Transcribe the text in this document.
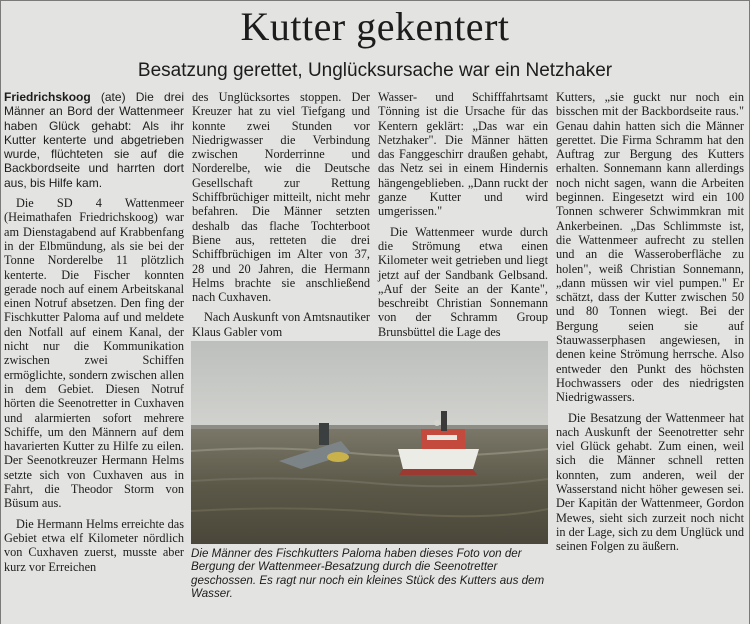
Kutter gekentert
Besatzung gerettet, Unglücksursache war ein Netzhaker

Friedrichskoog (ate) Die drei Männer an Bord der Wattenmeer haben Glück gehabt: Als ihr Kutter kenterte und abgetrieben wurde, flüchteten sie auf die Backbordseite und harrten dort aus, bis Hilfe kam.

Die SD 4 Wattenmeer (Heimathafen Friedrichskoog) war am Dienstagabend auf Krabbenfang in der Elbmündung, als sie bei der Tonne Norderelbe 11 plötzlich kenterte. Die Fischer konnten gerade noch auf einem Arbeitskanal einen Notruf absetzen. Den fing der Fischkutter Paloma auf und meldete den Notfall auf einem Kanal, der nicht nur die Kommunikation zwischen zwei Schiffen ermöglichte, sondern zwischen allen in dem Gebiet. Diesen Notruf hörten die Seenotretter in Cuxhaven und alarmierten sofort mehrere Schiffe, um den Männern auf dem havarierten Kutter zu Hilfe zu eilen. Der Seenotkreuzer Hermann Helms setzte sich von Cuxhaven aus in Fahrt, die Theodor Storm von Büsum aus.

Die Hermann Helms erreichte das Gebiet etwa elf Kilometer nördlich von Cuxhaven zuerst, musste aber kurz vor Erreichen

des Unglücksortes stoppen. Der Kreuzer hat zu viel Tiefgang und konnte zwei Stunden vor Niedrigwasser die Verbindung zwischen Norderrinne und Norderelbe, wie die Deutsche Gesellschaft zur Rettung Schiffbrüchiger mitteilt, nicht mehr befahren. Die Männer setzten deshalb das flache Tochterboot Biene aus, retteten die drei Schiffbrüchigen im Alter von 37, 28 und 20 Jahren, die Hermann Helms brachte sie anschließend nach Cuxhaven.

Nach Auskunft von Amtsnautiker Klaus Gabler vom

Wasser- und Schifffahrtsamt Tönning ist die Ursache für das Kentern geklärt: „Das war ein Netzhaker". Die Männer hätten das Fanggeschirr draußen gehabt, das Netz sei in einem Hindernis hängengeblieben. „Dann ruckt der ganze Kutter und wird umgerissen."

Die Wattenmeer wurde durch die Strömung etwa einen Kilometer weit getrieben und liegt jetzt auf der Sandbank Gelbsand. „Auf der Seite an der Kante", beschreibt Christian Sonnemann von der Schramm Group Brunsbüttel die Lage des

Kutters, „sie guckt nur noch ein bisschen mit der Backbordseite raus." Genau dahin hatten sich die Männer gerettet. Die Firma Schramm hat den Auftrag zur Bergung des Kutters erhalten. Sonnemann kann allerdings noch nicht sagen, wann die Arbeiten beginnen. Eingesetzt wird ein 100 Tonnen schwerer Schwimmkran mit Ankerbeinen. „Das Schlimmste ist, die Wattenmeer aufrecht zu stellen und an die Wasseroberfläche zu holen", weiß Christian Sonnemann, „dann müssen wir viel pumpen." Er schätzt, dass der Kutter zwischen 50 und 80 Tonnen wiegt. Bei der Bergung seien sie auf Stauwasserphasen angewiesen, in denen keine Strömung herrsche. Also entweder den Punkt des höchsten Hochwassers oder des niedrigsten Niedrigwassers.

Die Besatzung der Wattenmeer hat nach Auskunft der Seenotretter sehr viel Glück gehabt. Zum einen, weil sich die Männer schnell retten konnten, zum anderen, weil der Wasserstand nicht höher gewesen sei. Der Kapitän der Wattenmeer, Gordon Mewes, sieht sich zurzeit noch nicht in der Lage, sich zu dem Unglück und seinen Folgen zu äußern.

Die Männer des Fischkutters Paloma haben dieses Foto von der Bergung der Wattenmeer-Besatzung durch die Seenotretter geschossen. Es ragt nur noch ein kleines Stück des Kutters aus dem Wasser.
